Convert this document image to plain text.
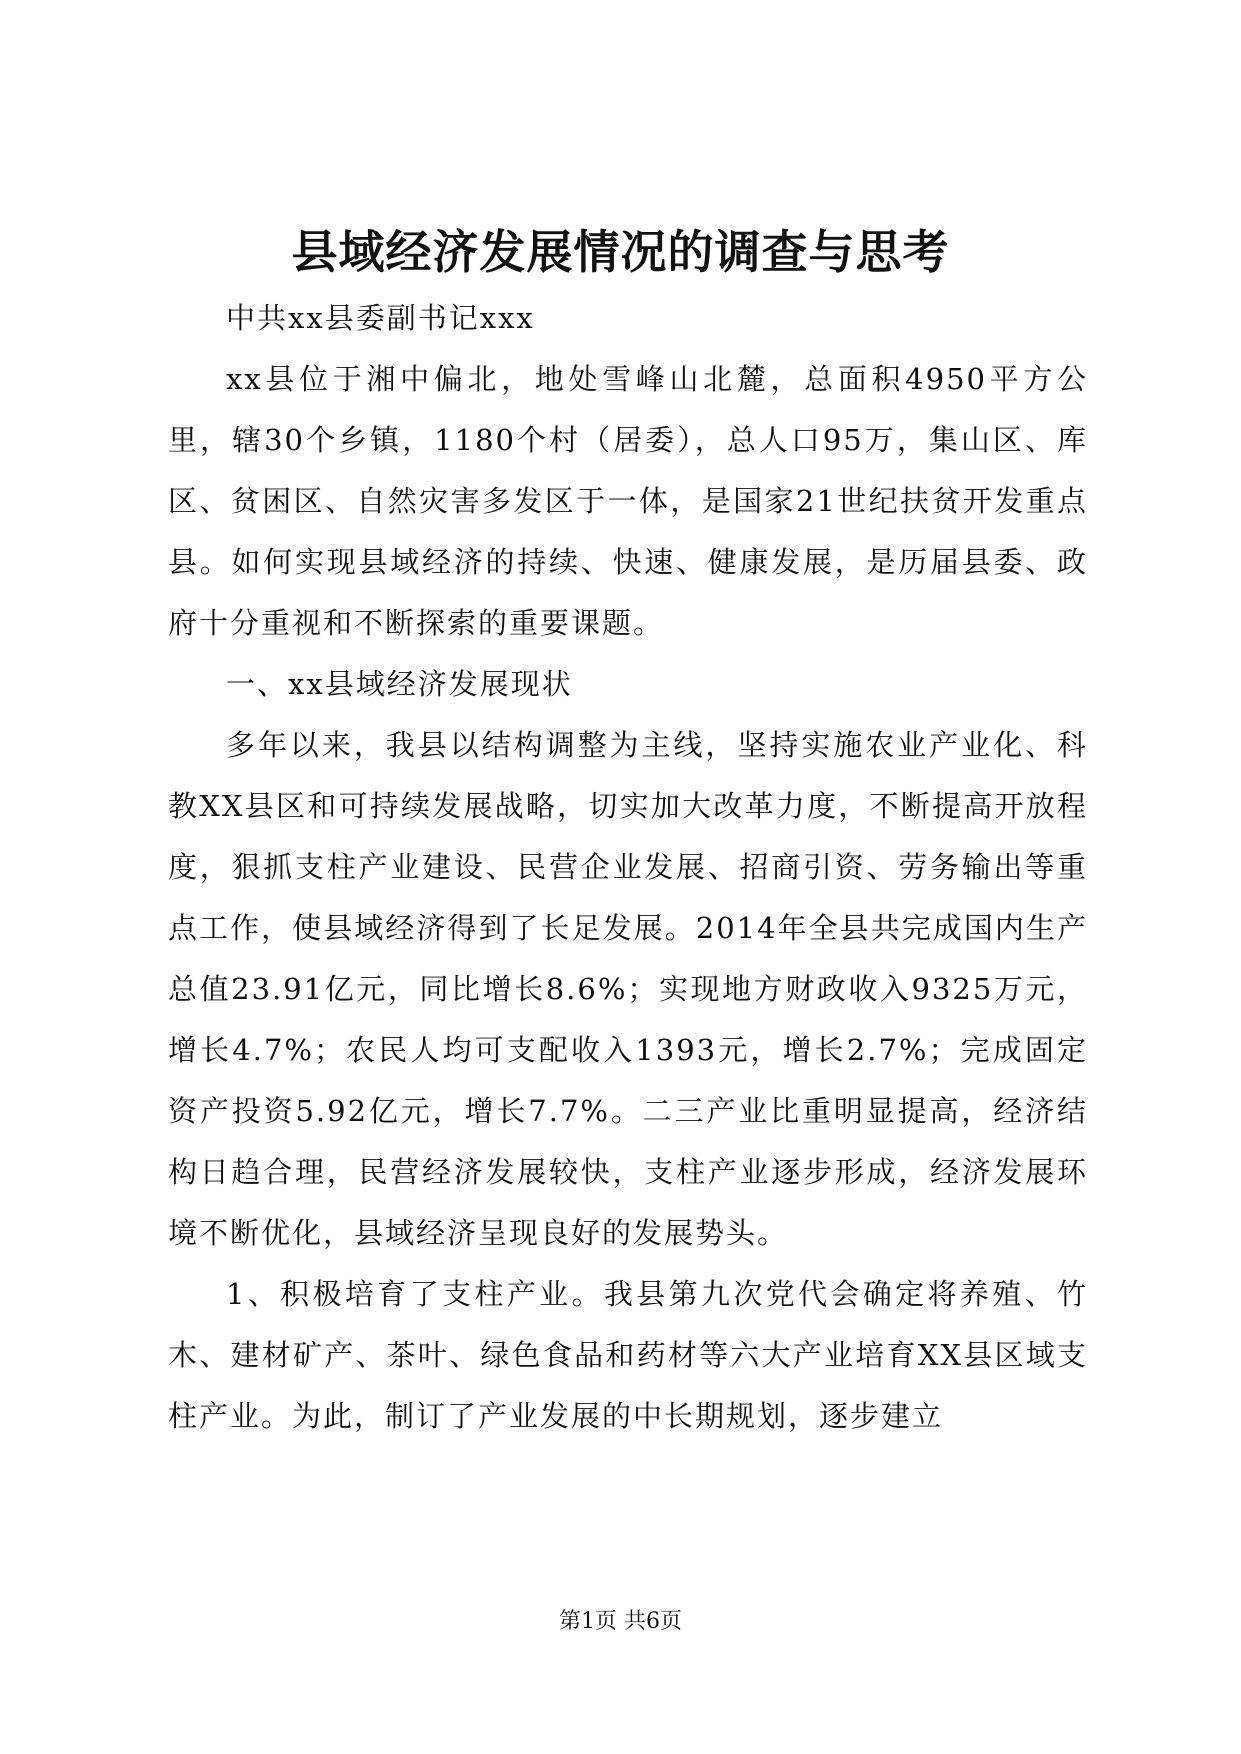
县域经济发展情况的调查与思考

中共xx县委副书记xxx

xx县位于湘中偏北，地处雪峰山北麓，总面积4950平方公里，辖30个乡镇，1180个村（居委），总人口95万，集山区、库区、贫困区、自然灾害多发区于一体，是国家21世纪扶贫开发重点县。如何实现县域经济的持续、快速、健康发展，是历届县委、政府十分重视和不断探索的重要课题。

一、xx县域经济发展现状

多年以来，我县以结构调整为主线，坚持实施农业产业化、科教XX县区和可持续发展战略，切实加大改革力度，不断提高开放程度，狠抓支柱产业建设、民营企业发展、招商引资、劳务输出等重点工作，使县域经济得到了长足发展。2014年全县共完成国内生产总值23.91亿元，同比增长8.6%；实现地方财政收入9325万元，增长4.7%；农民人均可支配收入1393元，增长2.7%；完成固定资产投资5.92亿元，增长7.7%。二三产业比重明显提高，经济结构日趋合理，民营经济发展较快，支柱产业逐步形成，经济发展环境不断优化，县域经济呈现良好的发展势头。

1、积极培育了支柱产业。我县第九次党代会确定将养殖、竹木、建材矿产、茶叶、绿色食品和药材等六大产业培育XX县区域支柱产业。为此，制订了产业发展的中长期规划，逐步建立

第1页 共6页
